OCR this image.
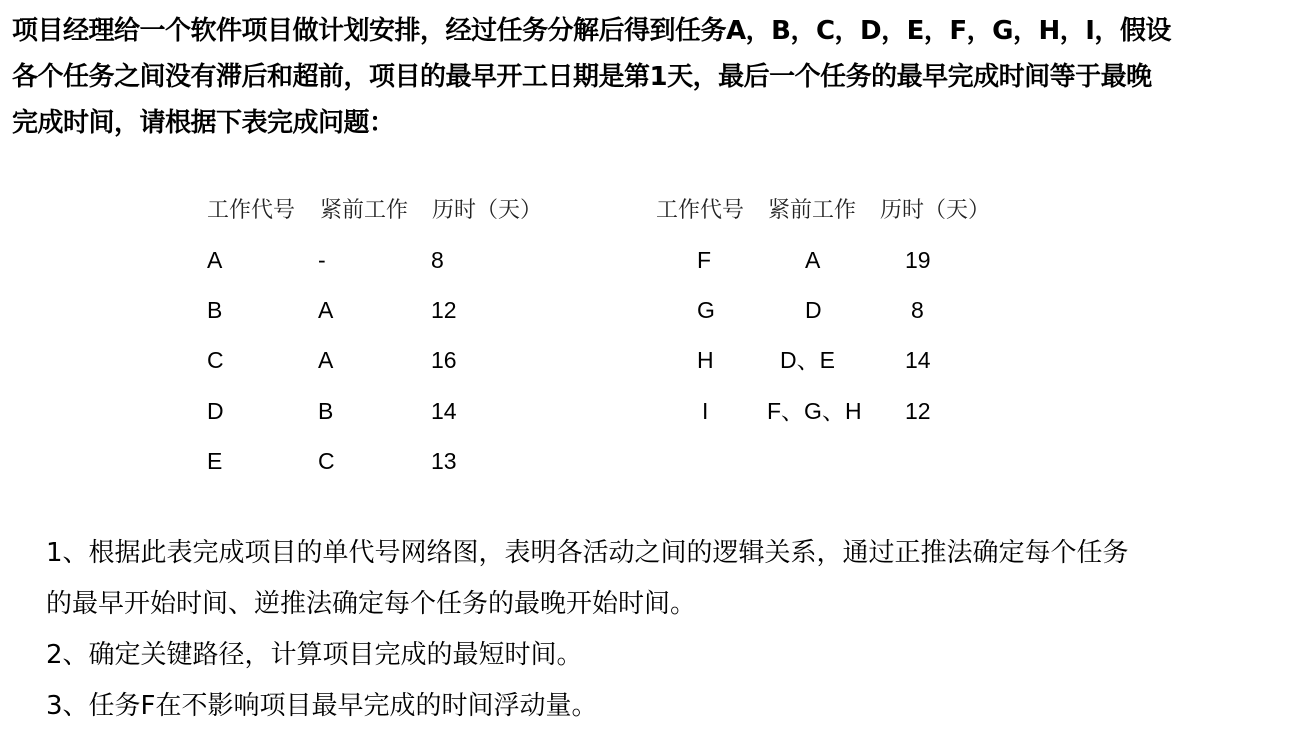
项目经理给一个软件项目做计划安排，经过任务分解后得到任务A，B，C，D，E，F，G，H，I，假设
各个任务之间没有滞后和超前，项目的最早开工日期是第1天，最后一个任务的最早完成时间等于最晚
完成时间，请根据下表完成问题：
工作代号 紧前工作 历时（天）	工作代号 紧前工作 历时（天）
A	-	8
B	A	12
C	A	16
D	B	14
E	C	13
F	A	19
G	D	8
H	D、E	14
I	F、G、H 12
1、根据此表完成项目的单代号网络图，表明各活动之间的逻辑关系，通过正推法确定每个任务
的最早开始时间、逆推法确定每个任务的最晚开始时间。
2、确定关键路径，计算项目完成的最短时间。
3、任务F在不影响项目最早完成的时间浮动量。
